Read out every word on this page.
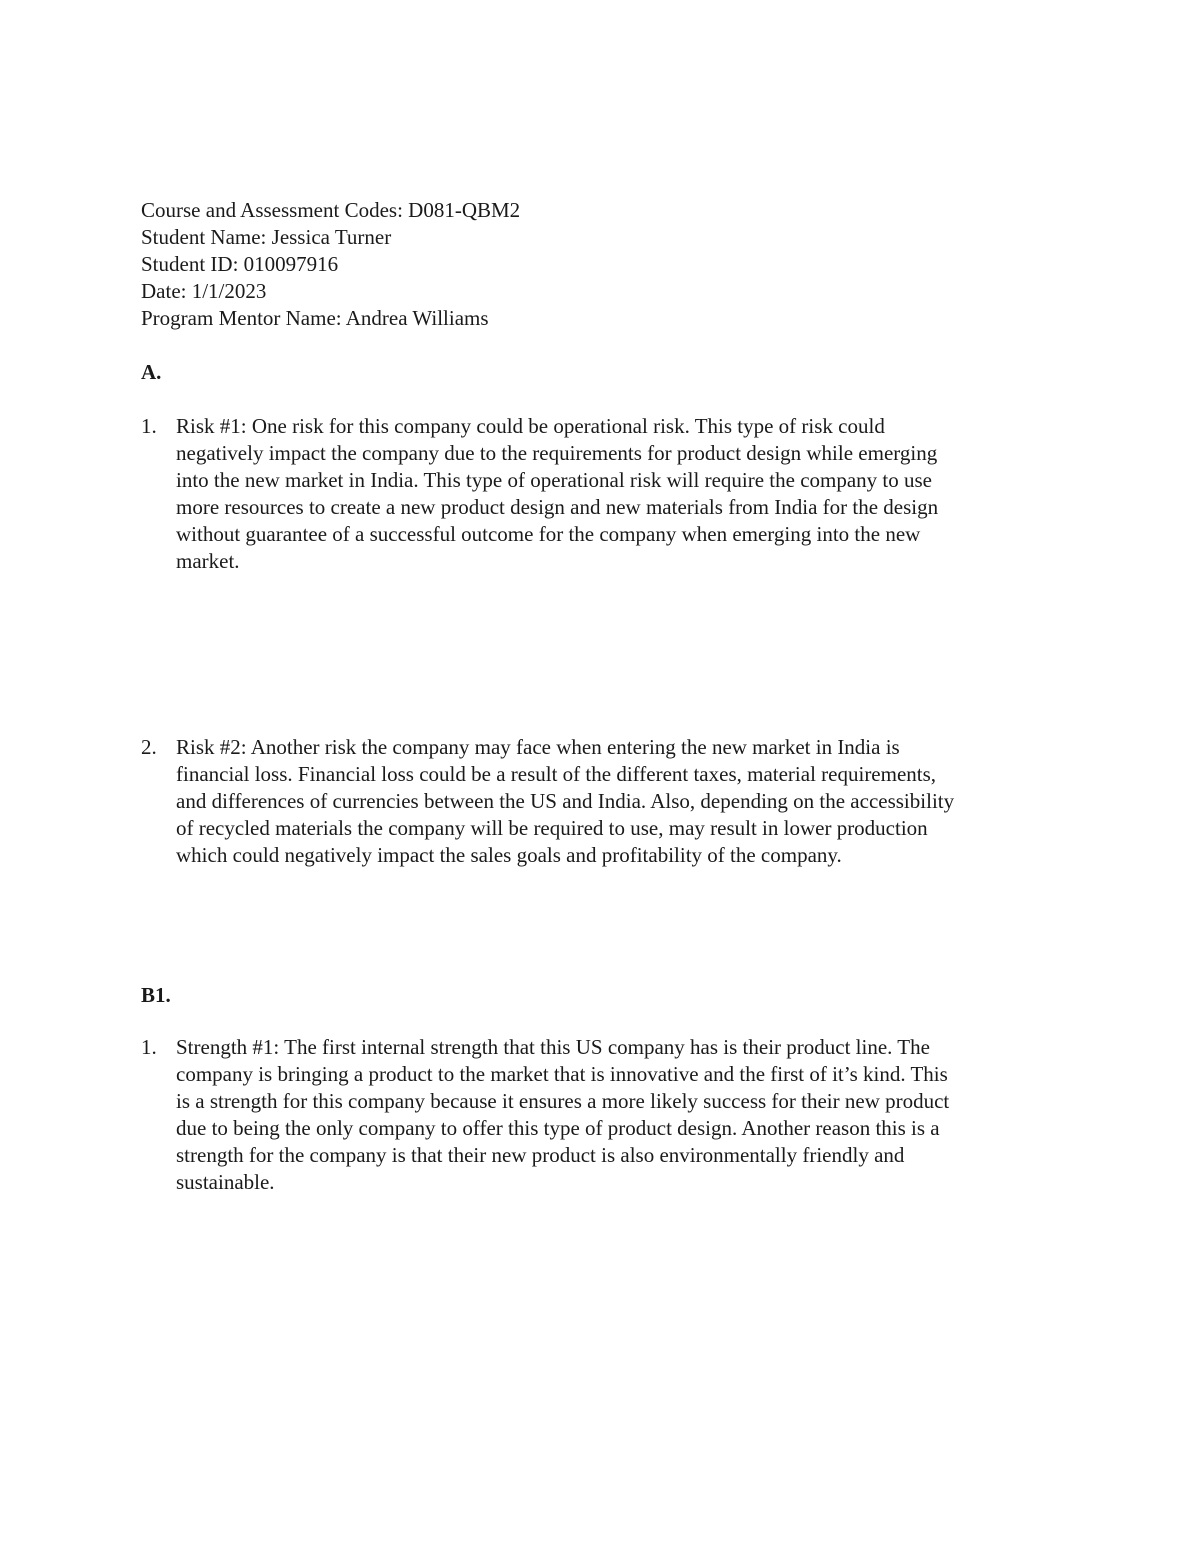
Course and Assessment Codes: D081-QBM2
Student Name: Jessica Turner
Student ID: 010097916
Date: 1/1/2023
Program Mentor Name: Andrea Williams
A.
1. Risk #1: One risk for this company could be operational risk. This type of risk could
negatively impact the company due to the requirements for product design while emerging
into the new market in India. This type of operational risk will require the company to use
more resources to create a new product design and new materials from India for the design
without guarantee of a successful outcome for the company when emerging into the new
market.
2. Risk #2: Another risk the company may face when entering the new market in India is
financial loss. Financial loss could be a result of the different taxes, material requirements,
and differences of currencies between the US and India. Also, depending on the accessibility
of recycled materials the company will be required to use, may result in lower production
which could negatively impact the sales goals and profitability of the company.
B1.
1. Strength #1: The first internal strength that this US company has is their product line. The
company is bringing a product to the market that is innovative and the first of it’s kind. This
is a strength for this company because it ensures a more likely success for their new product
due to being the only company to offer this type of product design. Another reason this is a
strength for the company is that their new product is also environmentally friendly and
sustainable.
